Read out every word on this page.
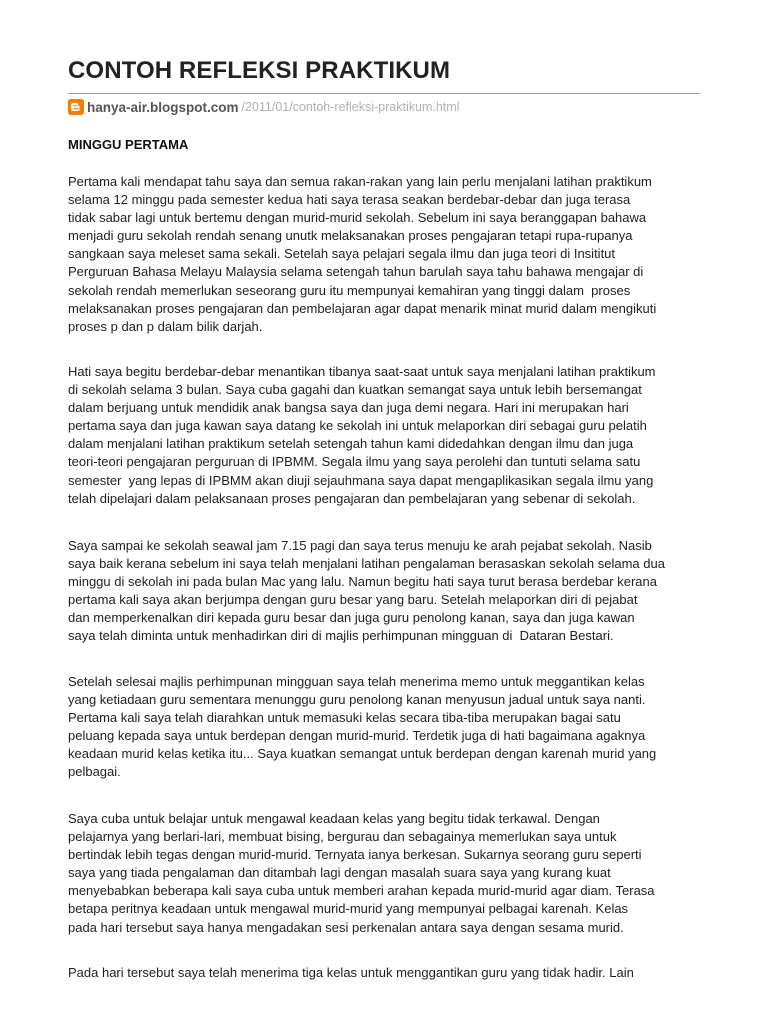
CONTOH REFLEKSI PRAKTIKUM
hanya-air.blogspot.com /2011/01/contoh-refleksi-praktikum.html
MINGGU PERTAMA

Pertama kali mendapat tahu saya dan semua rakan-rakan yang lain perlu menjalani latihan praktikum
selama 12 minggu pada semester kedua hati saya terasa seakan berdebar-debar dan juga terasa
tidak sabar lagi untuk bertemu dengan murid-murid sekolah. Sebelum ini saya beranggapan bahawa
menjadi guru sekolah rendah senang unutk melaksanakan proses pengajaran tetapi rupa-rupanya
sangkaan saya meleset sama sekali. Setelah saya pelajari segala ilmu dan juga teori di Insititut
Perguruan Bahasa Melayu Malaysia selama setengah tahun barulah saya tahu bahawa mengajar di
sekolah rendah memerlukan seseorang guru itu mempunyai kemahiran yang tinggi dalam  proses
melaksanakan proses pengajaran dan pembelajaran agar dapat menarik minat murid dalam mengikuti
proses p dan p dalam bilik darjah.

Hati saya begitu berdebar-debar menantikan tibanya saat-saat untuk saya menjalani latihan praktikum
di sekolah selama 3 bulan. Saya cuba gagahi dan kuatkan semangat saya untuk lebih bersemangat
dalam berjuang untuk mendidik anak bangsa saya dan juga demi negara. Hari ini merupakan hari
pertama saya dan juga kawan saya datang ke sekolah ini untuk melaporkan diri sebagai guru pelatih
dalam menjalani latihan praktikum setelah setengah tahun kami didedahkan dengan ilmu dan juga
teori-teori pengajaran perguruan di IPBMM. Segala ilmu yang saya perolehi dan tuntuti selama satu
semester  yang lepas di IPBMM akan diuji sejauhmana saya dapat mengaplikasikan segala ilmu yang
telah dipelajari dalam pelaksanaan proses pengajaran dan pembelajaran yang sebenar di sekolah.

Saya sampai ke sekolah seawal jam 7.15 pagi dan saya terus menuju ke arah pejabat sekolah. Nasib
saya baik kerana sebelum ini saya telah menjalani latihan pengalaman berasaskan sekolah selama dua
minggu di sekolah ini pada bulan Mac yang lalu. Namun begitu hati saya turut berasa berdebar kerana
pertama kali saya akan berjumpa dengan guru besar yang baru. Setelah melaporkan diri di pejabat
dan memperkenalkan diri kepada guru besar dan juga guru penolong kanan, saya dan juga kawan
saya telah diminta untuk menhadirkan diri di majlis perhimpunan mingguan di  Dataran Bestari.

Setelah selesai majlis perhimpunan mingguan saya telah menerima memo untuk meggantikan kelas
yang ketiadaan guru sementara menunggu guru penolong kanan menyusun jadual untuk saya nanti.
Pertama kali saya telah diarahkan untuk memasuki kelas secara tiba-tiba merupakan bagai satu
peluang kepada saya untuk berdepan dengan murid-murid. Terdetik juga di hati bagaimana agaknya
keadaan murid kelas ketika itu... Saya kuatkan semangat untuk berdepan dengan karenah murid yang
pelbagai.

Saya cuba untuk belajar untuk mengawal keadaan kelas yang begitu tidak terkawal. Dengan
pelajarnya yang berlari-lari, membuat bising, bergurau dan sebagainya memerlukan saya untuk
bertindak lebih tegas dengan murid-murid. Ternyata ianya berkesan. Sukarnya seorang guru seperti
saya yang tiada pengalaman dan ditambah lagi dengan masalah suara saya yang kurang kuat
menyebabkan beberapa kali saya cuba untuk memberi arahan kepada murid-murid agar diam. Terasa
betapa peritnya keadaan untuk mengawal murid-murid yang mempunyai pelbagai karenah. Kelas
pada hari tersebut saya hanya mengadakan sesi perkenalan antara saya dengan sesama murid.

Pada hari tersebut saya telah menerima tiga kelas untuk menggantikan guru yang tidak hadir. Lain
